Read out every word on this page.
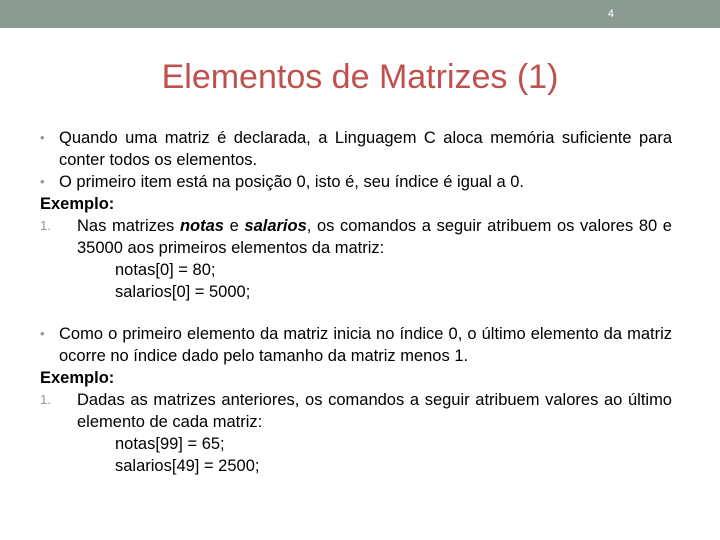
4
Elementos de Matrizes (1)
• Quando uma matriz é declarada, a Linguagem C aloca memória suficiente para conter todos os elementos.
• O primeiro item está na posição 0, isto é, seu índice é igual a 0.
Exemplo:
1. Nas matrizes notas e salarios, os comandos a seguir atribuem os valores 80 e 35000 aos primeiros elementos da matriz:
notas[0] = 80;
salarios[0] = 5000;
• Como o primeiro elemento da matriz inicia no índice 0, o último elemento da matriz ocorre no índice dado pelo tamanho da matriz menos 1.
Exemplo:
1. Dadas as matrizes anteriores, os comandos a seguir atribuem valores ao último elemento de cada matriz:
notas[99] = 65;
salarios[49] = 2500;
